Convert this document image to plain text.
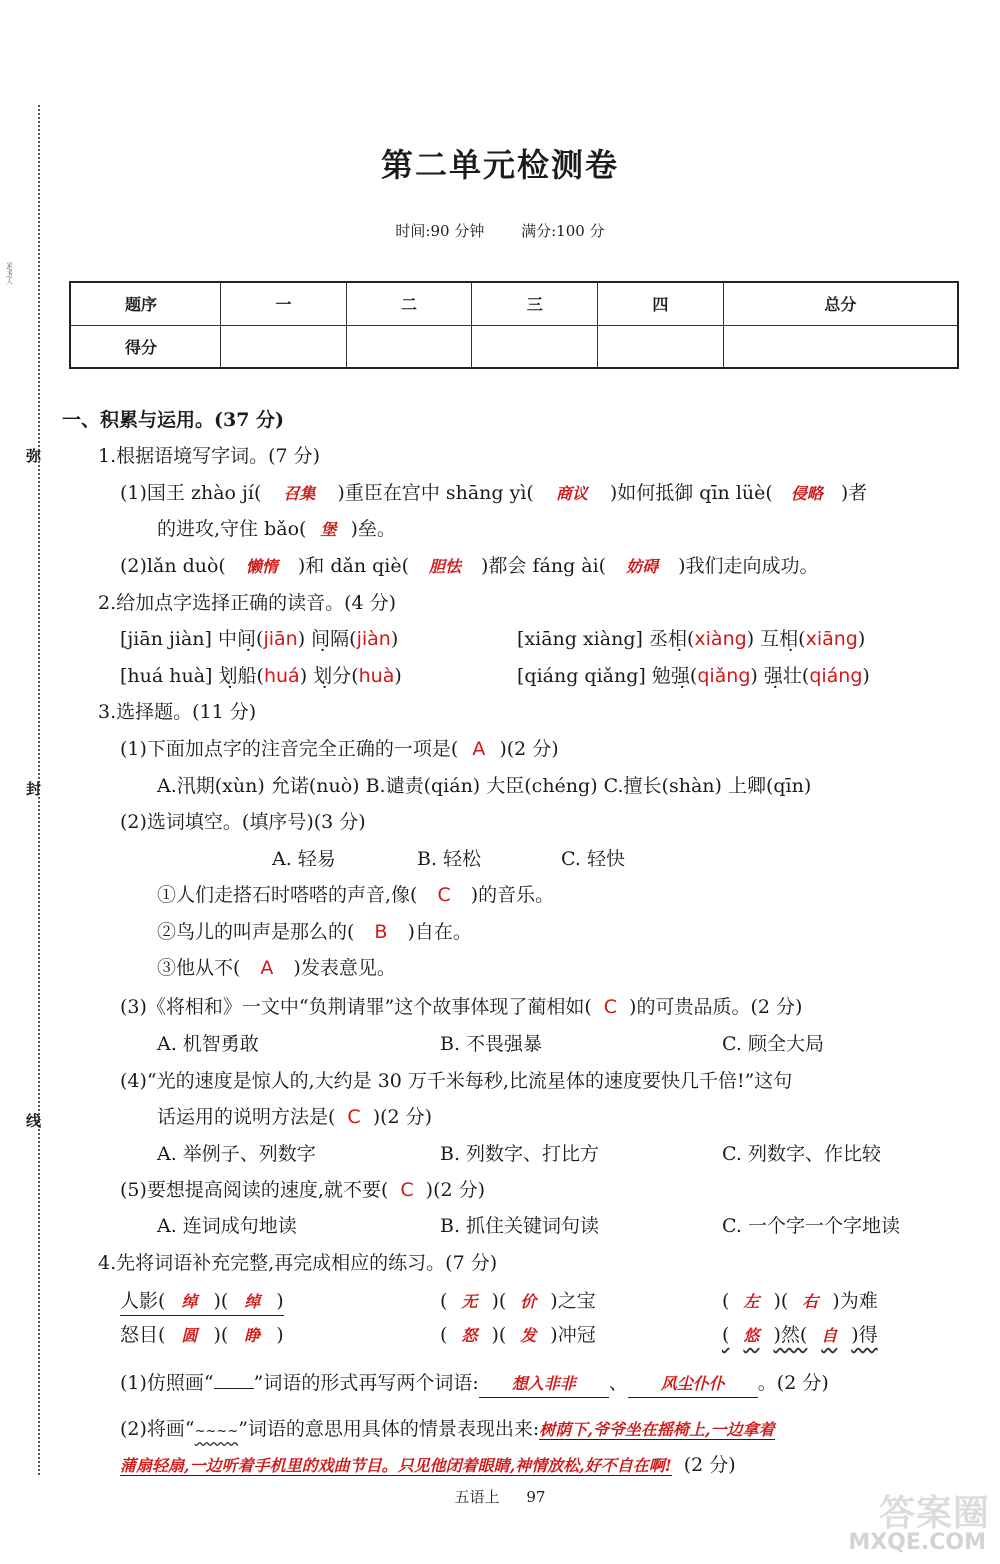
家/书/人
弥
封
线
第二单元检测卷
时间:90 分钟 满分:100 分
题序	一	二	三	四	总分
得分					
一、积累与运用。(37 分)
1.根据语境写字词。(7 分)
(1)国王 zhào jí( 召集 )重臣在宫中 shāng yì( 商议 )如何抵御 qīn lüè( 侵略 )者
的进攻,守住 bǎo( 堡 )垒。
(2)lǎn duò( 懒惰 )和 dǎn qiè( 胆怯 )都会 fáng ài( 妨碍 )我们走向成功。
2.给加点字选择正确的读音。(4 分)
[jiān jiàn] 中间(jiān) 间隔(jiàn)	[xiāng xiàng] 丞相(xiàng) 互相(xiāng)
[huá huà] 划船(huá) 划分(huà)	[qiáng qiǎng] 勉强(qiǎng) 强壮(qiáng)
3.选择题。(11 分)
(1)下面加点字的注音完全正确的一项是( A )(2 分)
A.汛期(xùn) 允诺(nuò) B.谴责(qián) 大臣(chéng) C.擅长(shàn) 上卿(qīn)
(2)选词填空。(填序号)(3 分)
A. 轻易	B. 轻松	C. 轻快
①人们走搭石时嗒嗒的声音,像( C )的音乐。
②鸟儿的叫声是那么的( B )自在。
③他从不( A )发表意见。
(3)《将相和》一文中“负荆请罪”这个故事体现了蔺相如( C )的可贵品质。(2 分)
A. 机智勇敢	B. 不畏强暴	C. 顾全大局
(4)“光的速度是惊人的,大约是 30 万千米每秒,比流星体的速度要快几千倍!”这句
话运用的说明方法是( C )(2 分)
A. 举例子、列数字	B. 列数字、打比方	C. 列数字、作比较
(5)要想提高阅读的速度,就不要( C )(2 分)
A. 连词成句地读	B. 抓住关键词句读	C. 一个字一个字地读
4.先将词语补充完整,再完成相应的练习。(7 分)
人影( 绰 )( 绰 )	( 无 )( 价 )之宝	( 左 )( 右 )为难
怒目( 圆 )( 睁 )	( 怒 )( 发 )冲冠	( 悠 )然( 自 )得
(1)仿照画“ ”词语的形式再写两个词语: 想入非非 、 风尘仆仆 。(2 分)
(2)将画“~~~~”词语的意思用具体的情景表现出来:树荫下,爷爷坐在摇椅上,一边拿着
蒲扇轻扇,一边听着手机里的戏曲节目。只见他闭着眼睛,神情放松,好不自在啊! (2 分)
五语上 97	答案圈
MXQE.COM
